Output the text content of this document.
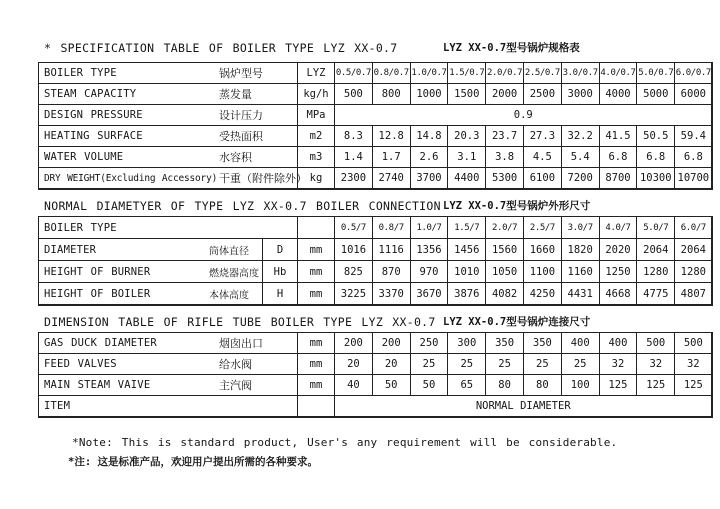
* SPECIFICATION TABLE OF BOILER TYPE LYZ XX-0.7	LYZ XX-0.7型号锅炉规格表
BOILER TYPE 锅炉型号	LYZ	0.5/0.7	0.8/0.7	1.0/0.7	1.5/0.7	2.0/0.7	2.5/0.7	3.0/0.7	4.0/0.7	5.0/0.7	6.0/0.7
STEAM CAPACITY 蒸发量	kg/h	500	800	1000	1500	2000	2500	3000	4000	5000	6000
DESIGN PRESSURE 设计压力	MPa	0.9									
HEATING SURFACE 受热面积	m2	8.3	12.8	14.8	20.3	23.7	27.3	32.2	41.5	50.5	59.4
WATER VOLUME 水容积	m3	1.4	1.7	2.6	3.1	3.8	4.5	5.4	6.8	6.8	6.8
DRY WEIGHT(Excluding Accessory) 干重（附件除外）	kg	2300	2740	3700	4400	5300	6100	7200	8700	10300	10700
NORMAL DIAMETYER OF TYPE LYZ XX-0.7 BOILER CONNECTION LYZ XX-0.7型号锅炉外形尺寸
BOILER TYPE			0.5/7	0.8/7	1.0/7	1.5/7	2.0/7	2.5/7	3.0/7	4.0/7	5.0/7	6.0/7
DIAMETER 筒体直径	D	mm	1016	1116	1356	1456	1560	1660	1820	2020	2064	2064
HEIGHT OF BURNER 燃烧器高度	Hb	mm	825	870	970	1010	1050	1100	1160	1250	1280	1280
HEIGHT OF BOILER 本体高度	H	mm	3225	3370	3670	3876	4082	4250	4431	4668	4775	4807
DIMENSION TABLE OF RIFLE TUBE BOILER TYPE LYZ XX-0.7 LYZ XX-0.7型号锅炉连接尺寸
GAS DUCK DIAMETER 烟囱出口	mm	200	200	250	300	350	350	400	400	500	500
FEED VALVES 给水阀	mm	20	20	25	25	25	25	25	32	32	32
MAIN STEAM VAIVE 主汽阀	mm	40	50	50	65	80	80	100	125	125	125
ITEM		NORMAL DIAMETER									
*Note: This is standard product, User's any requirement will be considerable.
*注: 这是标准产品，欢迎用户提出所需的各种要求。
